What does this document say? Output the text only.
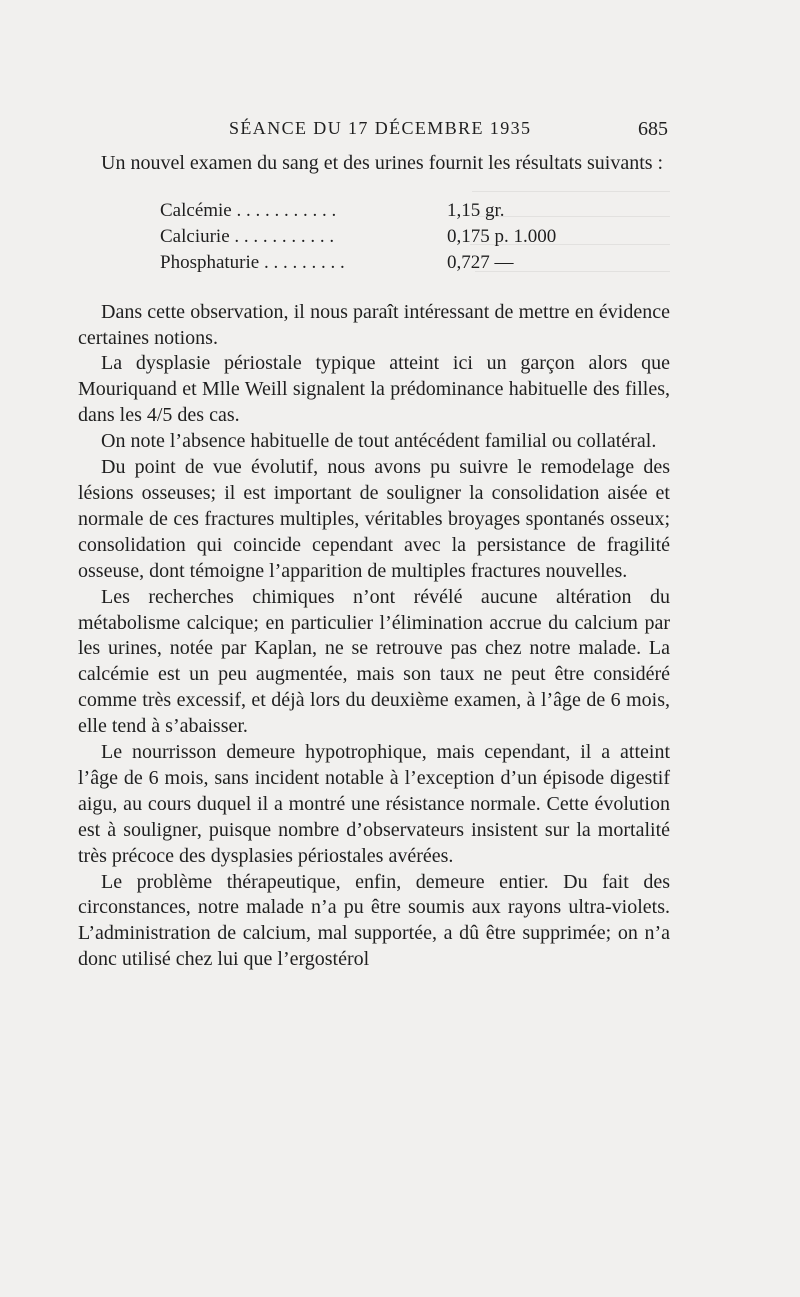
SÉANCE DU 17 DÉCEMBRE 1935	685

Un nouvel examen du sang et des urines fournit les résultats suivants :

Calcémie . . . . . . . . . . .	1,15 gr.
Calciurie . . . . . . . . . . .	0,175 p. 1.000
Phosphaturie . . . . . . . . .	0,727 —

Dans cette observation, il nous paraît intéressant de mettre en évidence certaines notions.

La dysplasie périostale typique atteint ici un garçon alors que Mouriquand et Mlle Weill signalent la prédominance habituelle des filles, dans les 4/5 des cas.

On note l’absence habituelle de tout antécédent familial ou collatéral.

Du point de vue évolutif, nous avons pu suivre le remodelage des lésions osseuses; il est important de souligner la consolidation aisée et normale de ces fractures multiples, véritables broyages spontanés osseux; consolidation qui coincide cependant avec la persistance de fragilité osseuse, dont témoigne l’apparition de multiples fractures nouvelles.

Les recherches chimiques n’ont révélé aucune altération du métabolisme calcique; en particulier l’élimination accrue du calcium par les urines, notée par Kaplan, ne se retrouve pas chez notre malade. La calcémie est un peu augmentée, mais son taux ne peut être considéré comme très excessif, et déjà lors du deuxième examen, à l’âge de 6 mois, elle tend à s’abaisser.

Le nourrisson demeure hypotrophique, mais cependant, il a atteint l’âge de 6 mois, sans incident notable à l’exception d’un épisode digestif aigu, au cours duquel il a montré une résistance normale. Cette évolution est à souligner, puisque nombre d’observateurs insistent sur la mortalité très précoce des dysplasies périostales avérées.

Le problème thérapeutique, enfin, demeure entier. Du fait des circonstances, notre malade n’a pu être soumis aux rayons ultra-violets. L’administration de calcium, mal supportée, a dû être supprimée; on n’a donc utilisé chez lui que l’ergostérol
